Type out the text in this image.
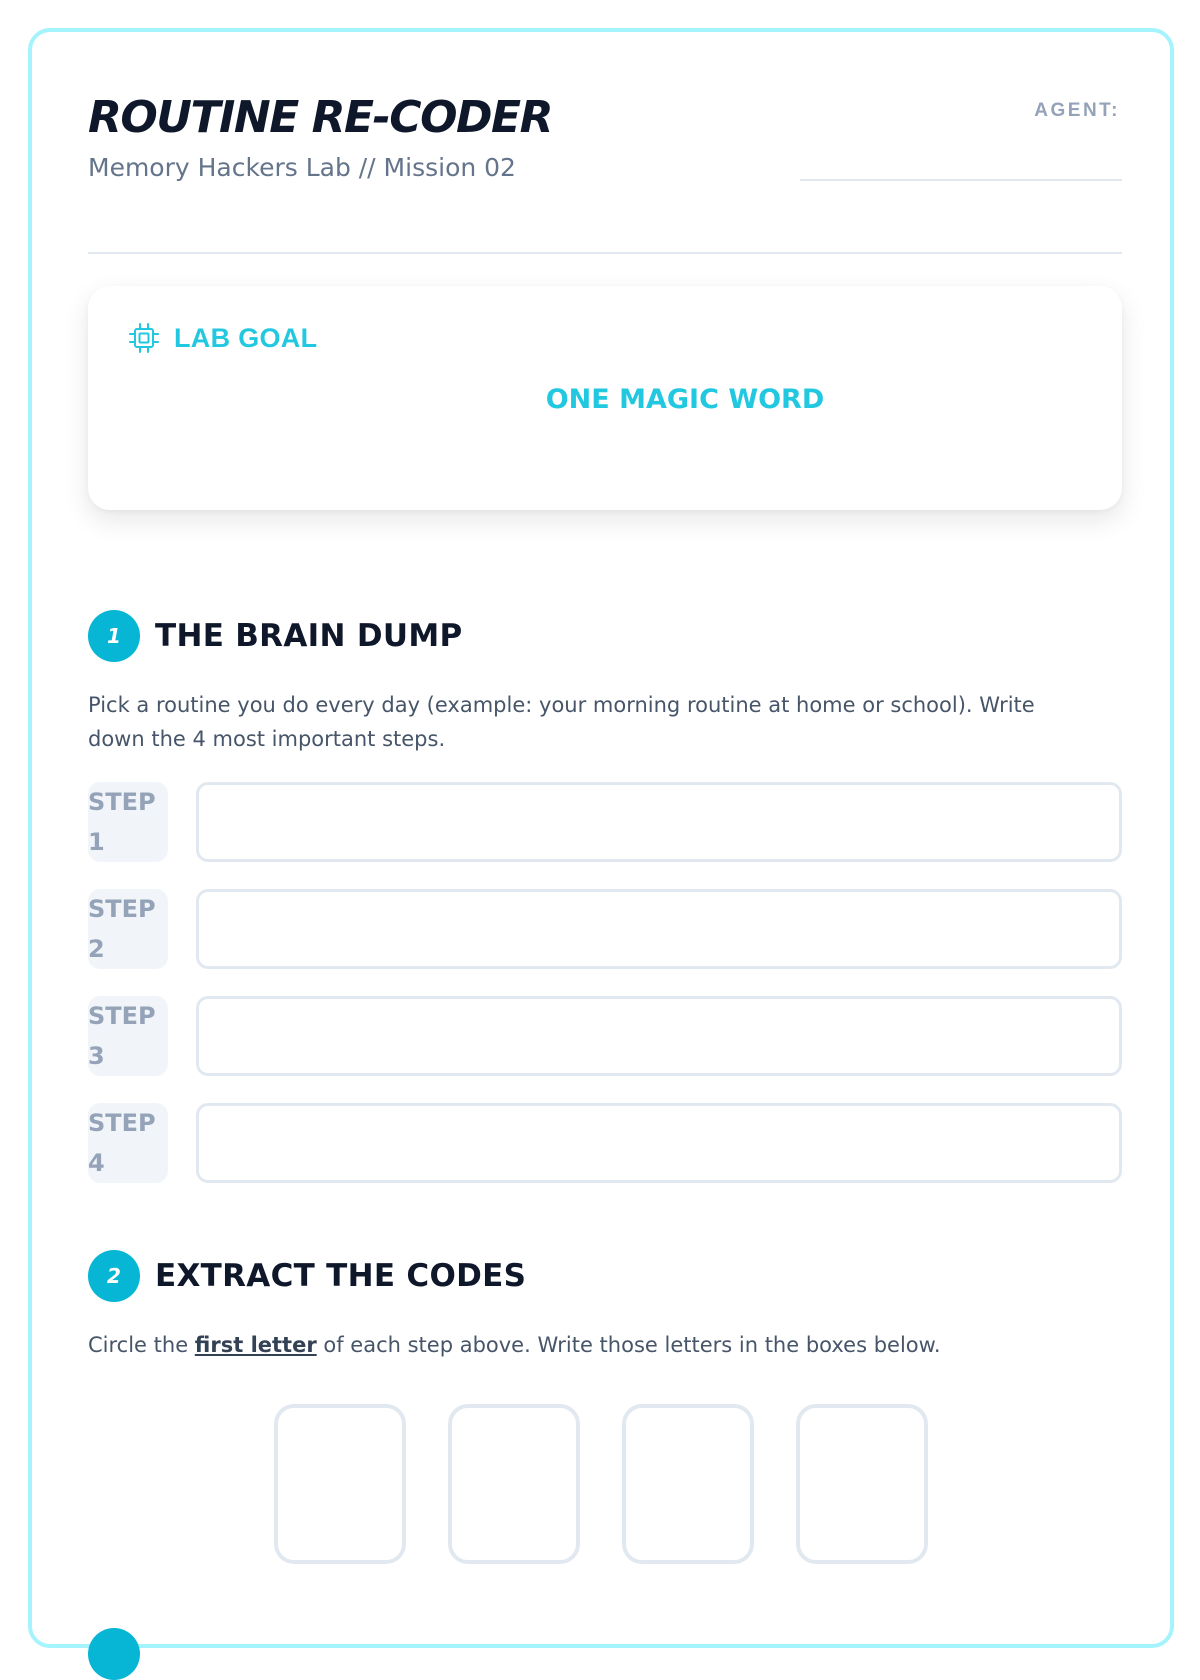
ROUTINE RE-CODER
Memory Hackers Lab // Mission 02
AGENT:
LAB GOAL
ONE MAGIC WORD
1	THE BRAIN DUMP
Pick a routine you do every day (example: your morning routine at home or school). Write down the 4 most important steps.
STEP
1
STEP
2
STEP
3
STEP
4
2	EXTRACT THE CODES
Circle the first letter of each step above. Write those letters in the boxes below.
